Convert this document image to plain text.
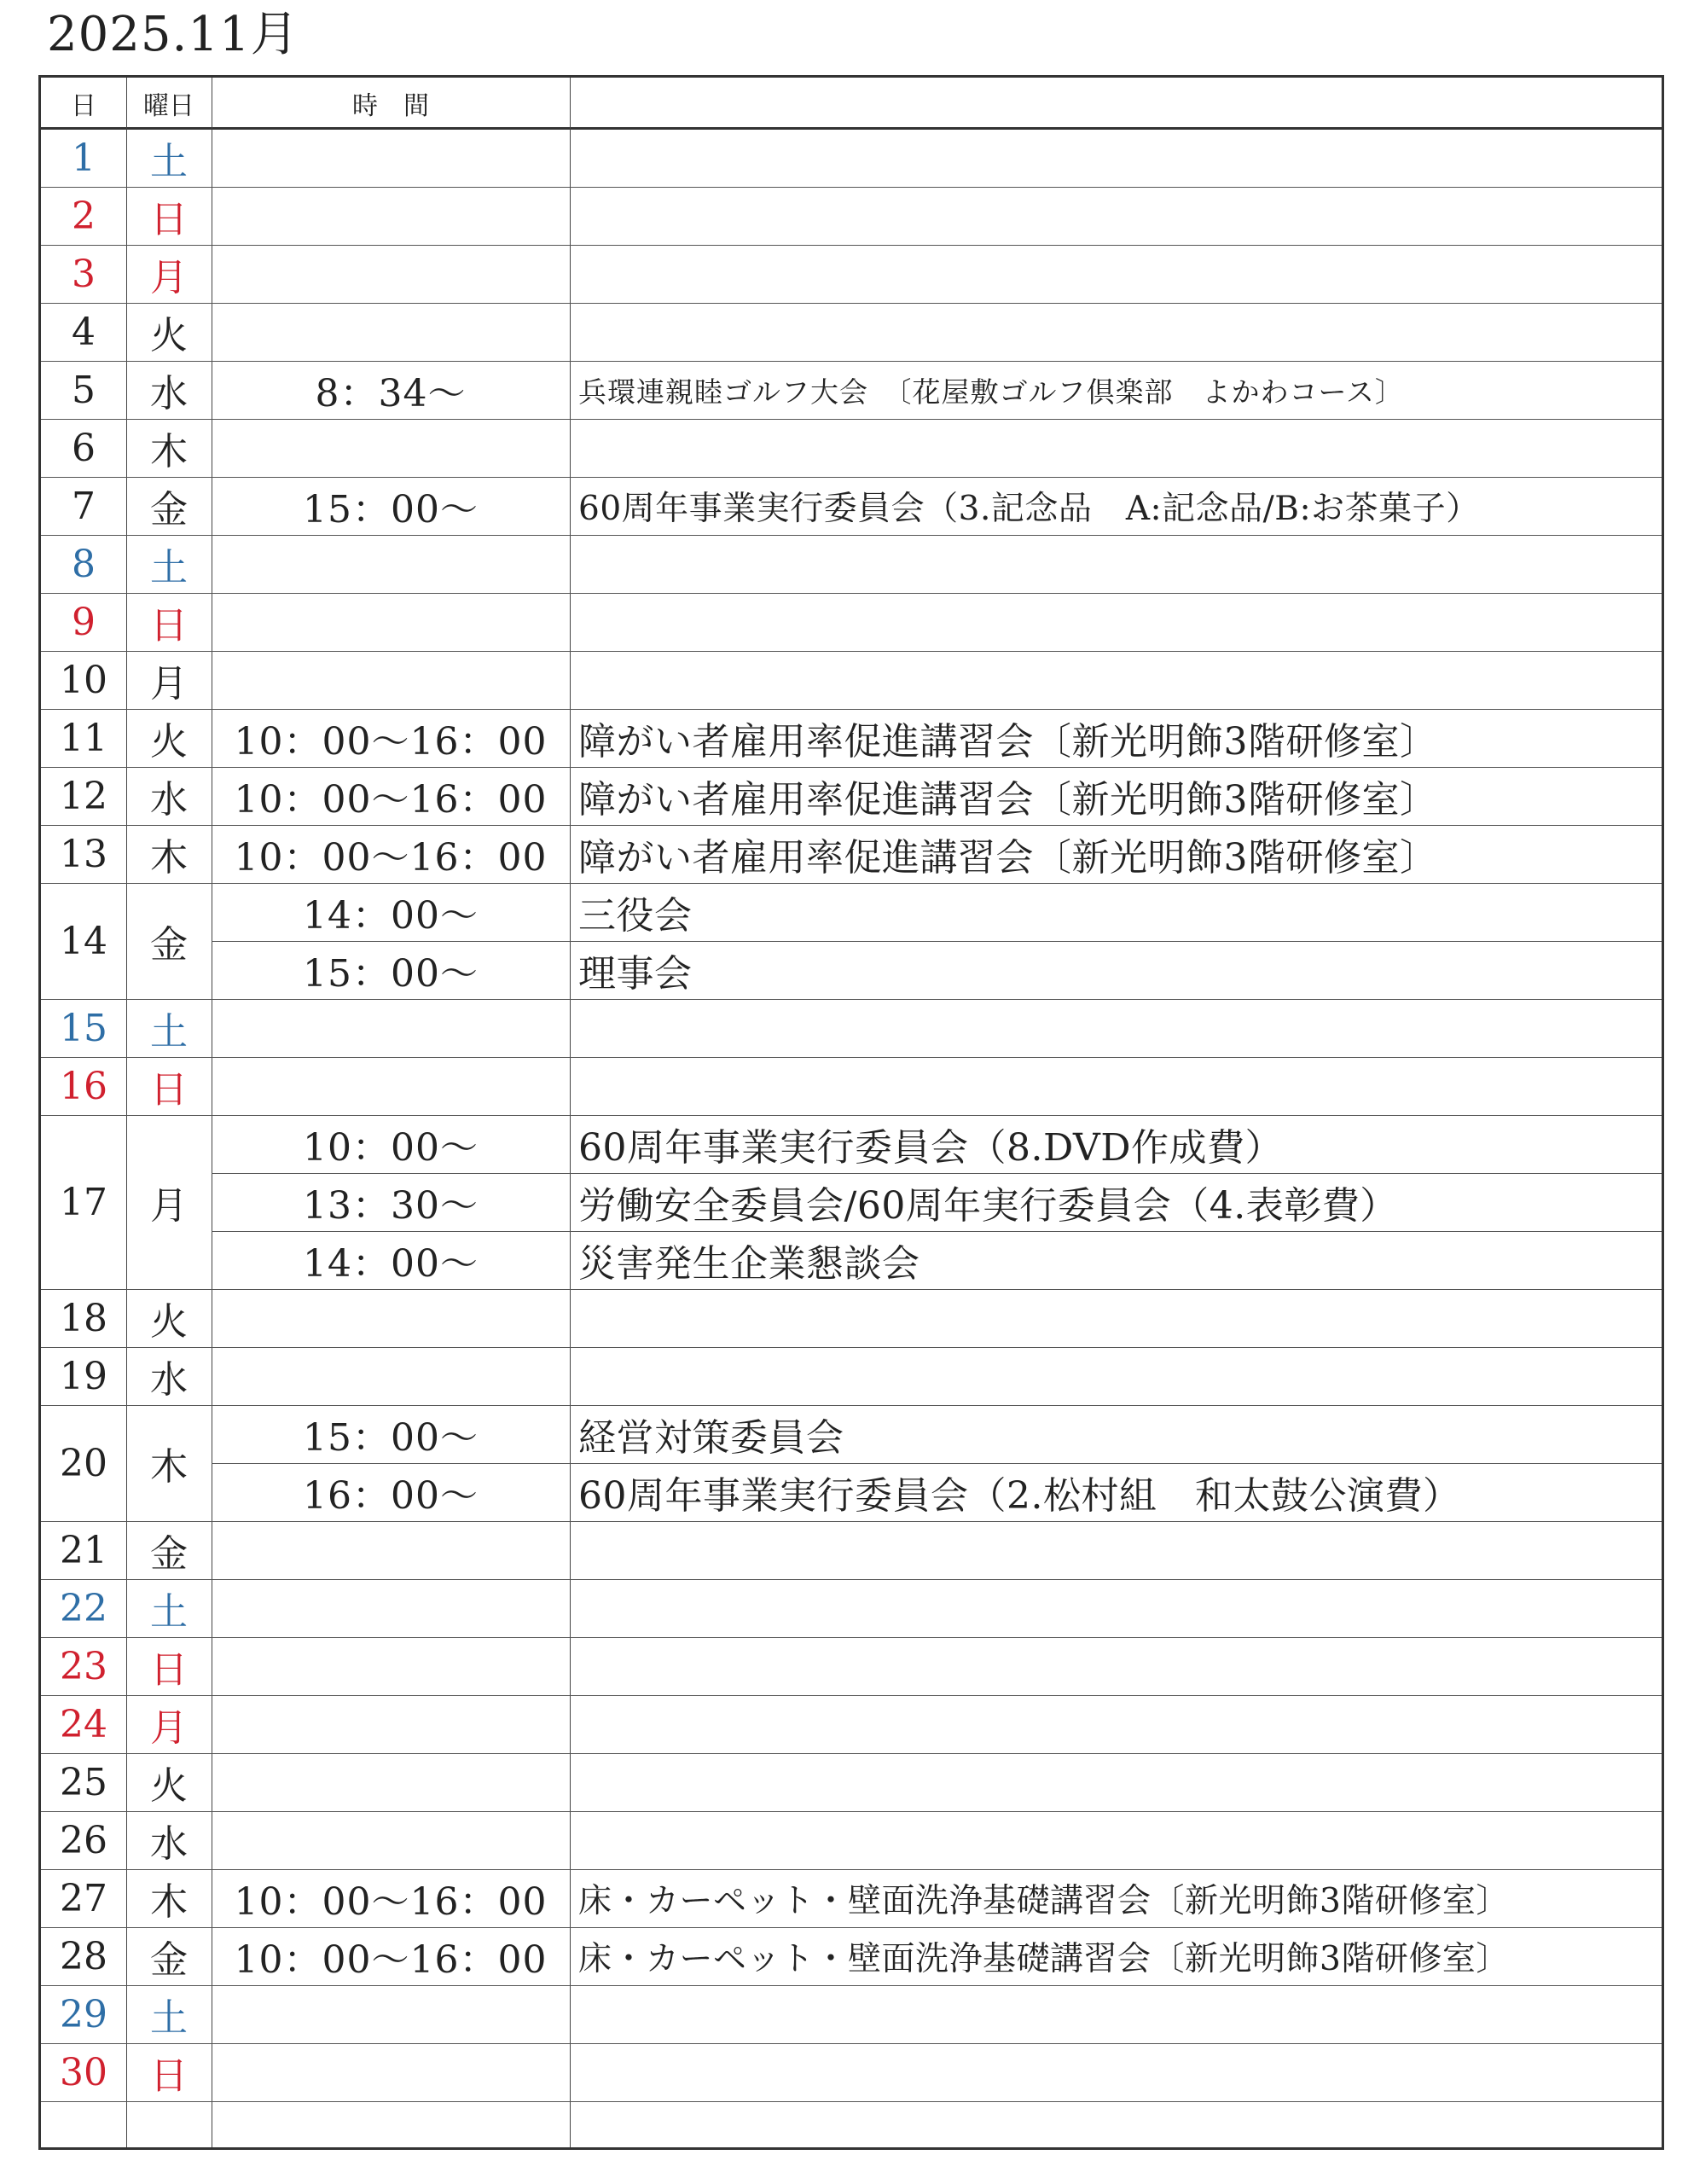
2025.11月
日	曜日	時　間
1	土
2	日
3	月
4	火
5	水	8：34～	兵環連親睦ゴルフ大会　〔花屋敷ゴルフ倶楽部　よかわコース〕
6	木
7	金	15：00～	60周年事業実行委員会（3.記念品　A:記念品/B:お茶菓子）
8	土
9	日
10	月
11	火	10：00～16：00 障がい者雇用率促進講習会〔新光明飾3階研修室〕
12	水	10：00～16：00 障がい者雇用率促進講習会〔新光明飾3階研修室〕
13	木	10：00～16：00 障がい者雇用率促進講習会〔新光明飾3階研修室〕
14	金
14：00～	三役会
15：00～	理事会
15	土
16	日
17	月
10：00～	60周年事業実行委員会（8.DVD作成費）
13：30～	労働安全委員会/60周年実行委員会（4.表彰費）
14：00～	災害発生企業懇談会
18	火
19	水
20	木
15：00～	経営対策委員会
16：00～	60周年事業実行委員会（2.松村組　和太鼓公演費）
21	金
22	土
23	日
24	月
25	火
26	水
27	木	10：00～16：00 床・カーペット・壁面洗浄基礎講習会〔新光明飾3階研修室〕
28	金	10：00～16：00 床・カーペット・壁面洗浄基礎講習会〔新光明飾3階研修室〕
29	土
30	日
